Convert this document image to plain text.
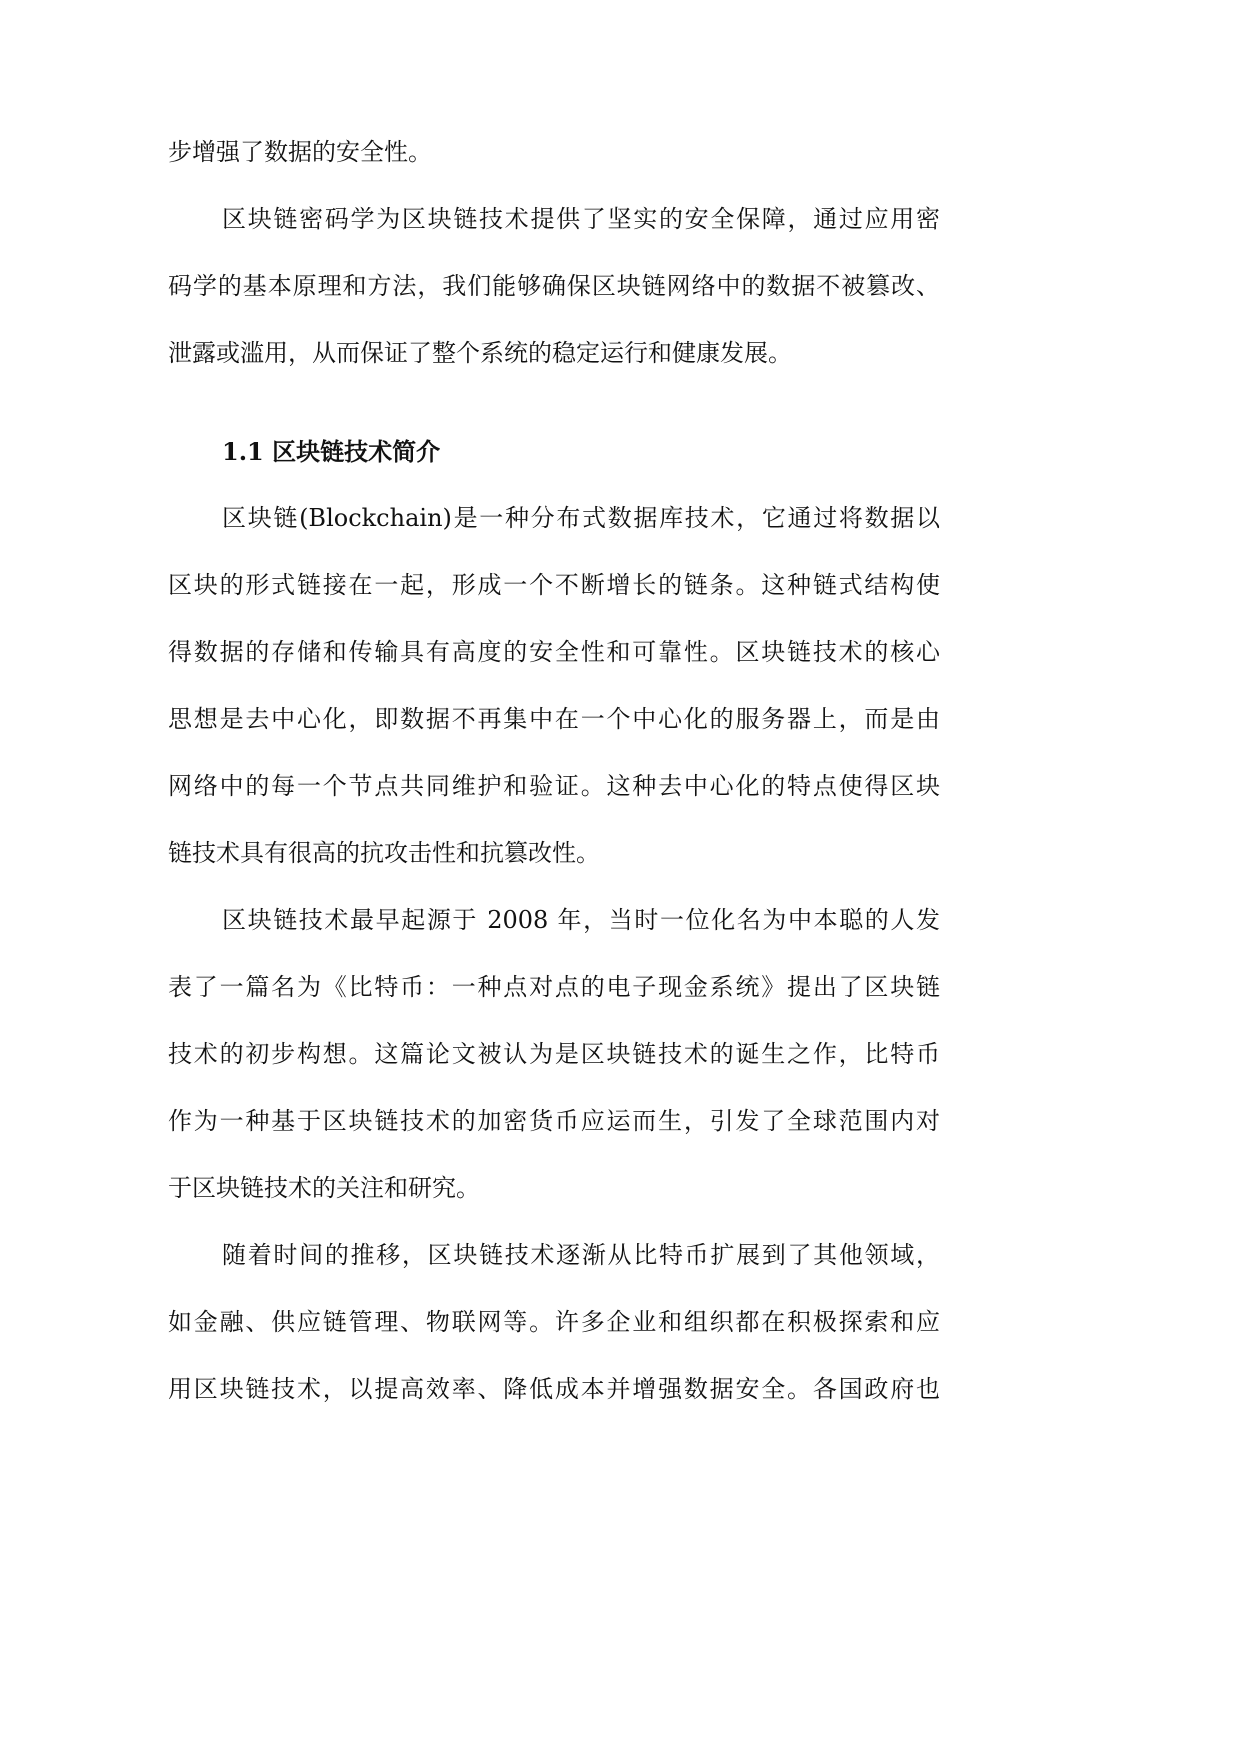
步增强了数据的安全性。
区块链密码学为区块链技术提供了坚实的安全保障，通过应用密
码学的基本原理和方法，我们能够确保区块链网络中的数据不被篡改、
泄露或滥用，从而保证了整个系统的稳定运行和健康发展。
1.1 区块链技术简介
区块链(Blockchain)是一种分布式数据库技术，它通过将数据以
区块的形式链接在一起，形成一个不断增长的链条。这种链式结构使
得数据的存储和传输具有高度的安全性和可靠性。区块链技术的核心
思想是去中心化，即数据不再集中在一个中心化的服务器上，而是由
网络中的每一个节点共同维护和验证。这种去中心化的特点使得区块
链技术具有很高的抗攻击性和抗篡改性。
区块链技术最早起源于 2008 年，当时一位化名为中本聪的人发
表了一篇名为《比特币：一种点对点的电子现金系统》提出了区块链
技术的初步构想。这篇论文被认为是区块链技术的诞生之作，比特币
作为一种基于区块链技术的加密货币应运而生，引发了全球范围内对
于区块链技术的关注和研究。
随着时间的推移，区块链技术逐渐从比特币扩展到了其他领域，
如金融、供应链管理、物联网等。许多企业和组织都在积极探索和应
用区块链技术，以提高效率、降低成本并增强数据安全。各国政府也
